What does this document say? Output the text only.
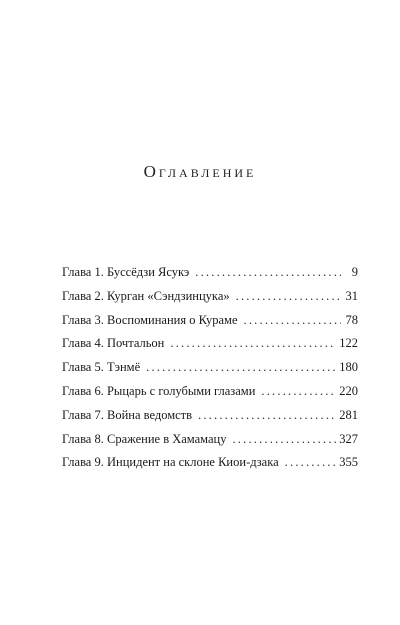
Оглавление
Глава 1. Буссёдзи Ясукэ .....	9
Глава 2. Курган «Сэндзинцука» .....	31
Глава 3. Воспоминания о Кураме .....	78
Глава 4. Почтальон .....	122
Глава 5. Тэнмё .....	180
Глава 6. Рыцарь с голубыми глазами .....	220
Глава 7. Война ведомств .....	281
Глава 8. Сражение в Хамамацу .....	327
Глава 9. Инцидент на склоне Киои-дзака .....	355
